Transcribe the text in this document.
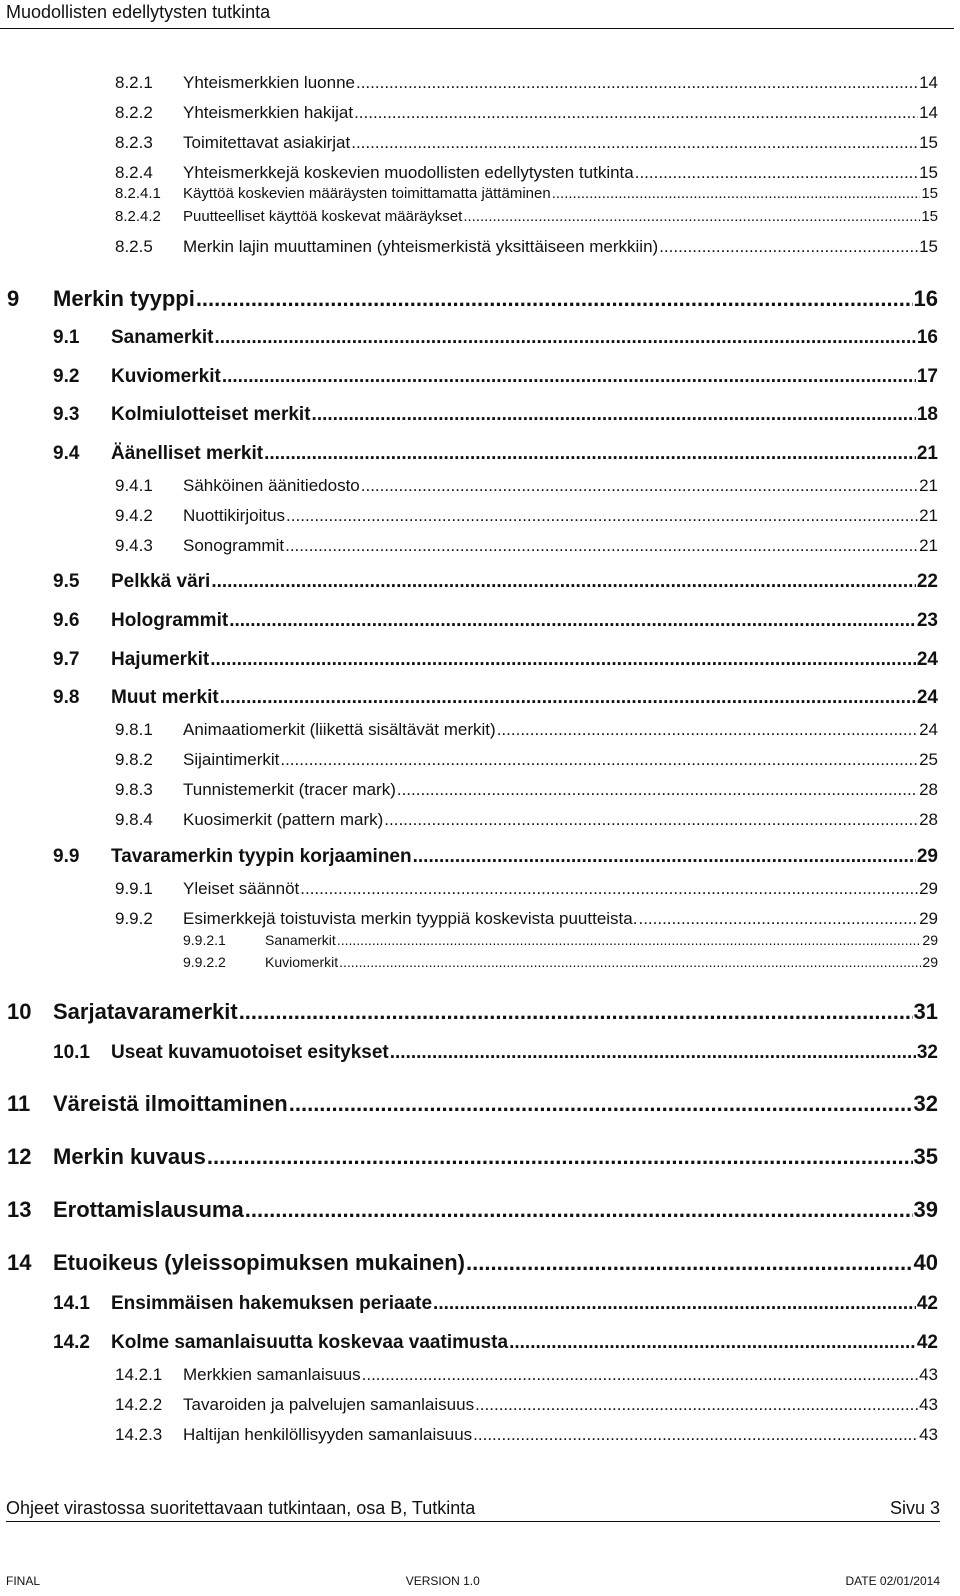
Muodollisten edellytysten tutkinta
8.2.1	Yhteismerkkien luonne .....	14
8.2.2	Yhteismerkkien hakijat .....	14
8.2.3	Toimitettavat asiakirjat .....	15
8.2.4	Yhteismerkkejä koskevien muodollisten edellytysten tutkinta .....	15
8.2.4.1	Käyttöä koskevien määräysten toimittamatta jättäminen .....	15
8.2.4.2	Puutteelliset käyttöä koskevat määräykset .....	15
8.2.5	Merkin lajin muuttaminen (yhteismerkistä yksittäiseen merkkiin) .....	15
9	Merkin tyyppi .....	16
9.1	Sanamerkit .....	16
9.2	Kuviomerkit .....	17
9.3	Kolmiulotteiset merkit .....	18
9.4	Äänelliset merkit .....	21
9.4.1	Sähköinen äänitiedosto .....	21
9.4.2	Nuottikirjoitus .....	21
9.4.3	Sonogrammit .....	21
9.5	Pelkkä väri .....	22
9.6	Hologrammit .....	23
9.7	Hajumerkit .....	24
9.8	Muut merkit .....	24
9.8.1	Animaatiomerkit (liikettä sisältävät merkit) .....	24
9.8.2	Sijaintimerkit .....	25
9.8.3	Tunnistemerkit (tracer mark) .....	28
9.8.4	Kuosimerkit (pattern mark) .....	28
9.9	Tavaramerkin tyypin korjaaminen .....	29
9.9.1	Yleiset säännöt .....	29
9.9.2	Esimerkkejä toistuvista merkin tyyppiä koskevista puutteista. .....	29
9.9.2.1	Sanamerkit .....	29
9.9.2.2	Kuviomerkit .....	29
10 Sarjatavaramerkit .....	31
10.1	Useat kuvamuotoiset esitykset .....	32
11	Väreistä ilmoittaminen .....	32
12 Merkin kuvaus .....	35
13 Erottamislausuma .....	39
14 Etuoikeus (yleissopimuksen mukainen) .....	40
14.1	Ensimmäisen hakemuksen periaate .....	42
14.2	Kolme samanlaisuutta koskevaa vaatimusta .....	42
14.2.1	Merkkien samanlaisuus .....	43
14.2.2	Tavaroiden ja palvelujen samanlaisuus .....	43
14.2.3	Haltijan henkilöllisyyden samanlaisuus .....	43
Ohjeet virastossa suoritettavaan tutkintaan, osa B, Tutkinta	Sivu 3
FINAL	VERSION 1.0	DATE 02/01/2014
